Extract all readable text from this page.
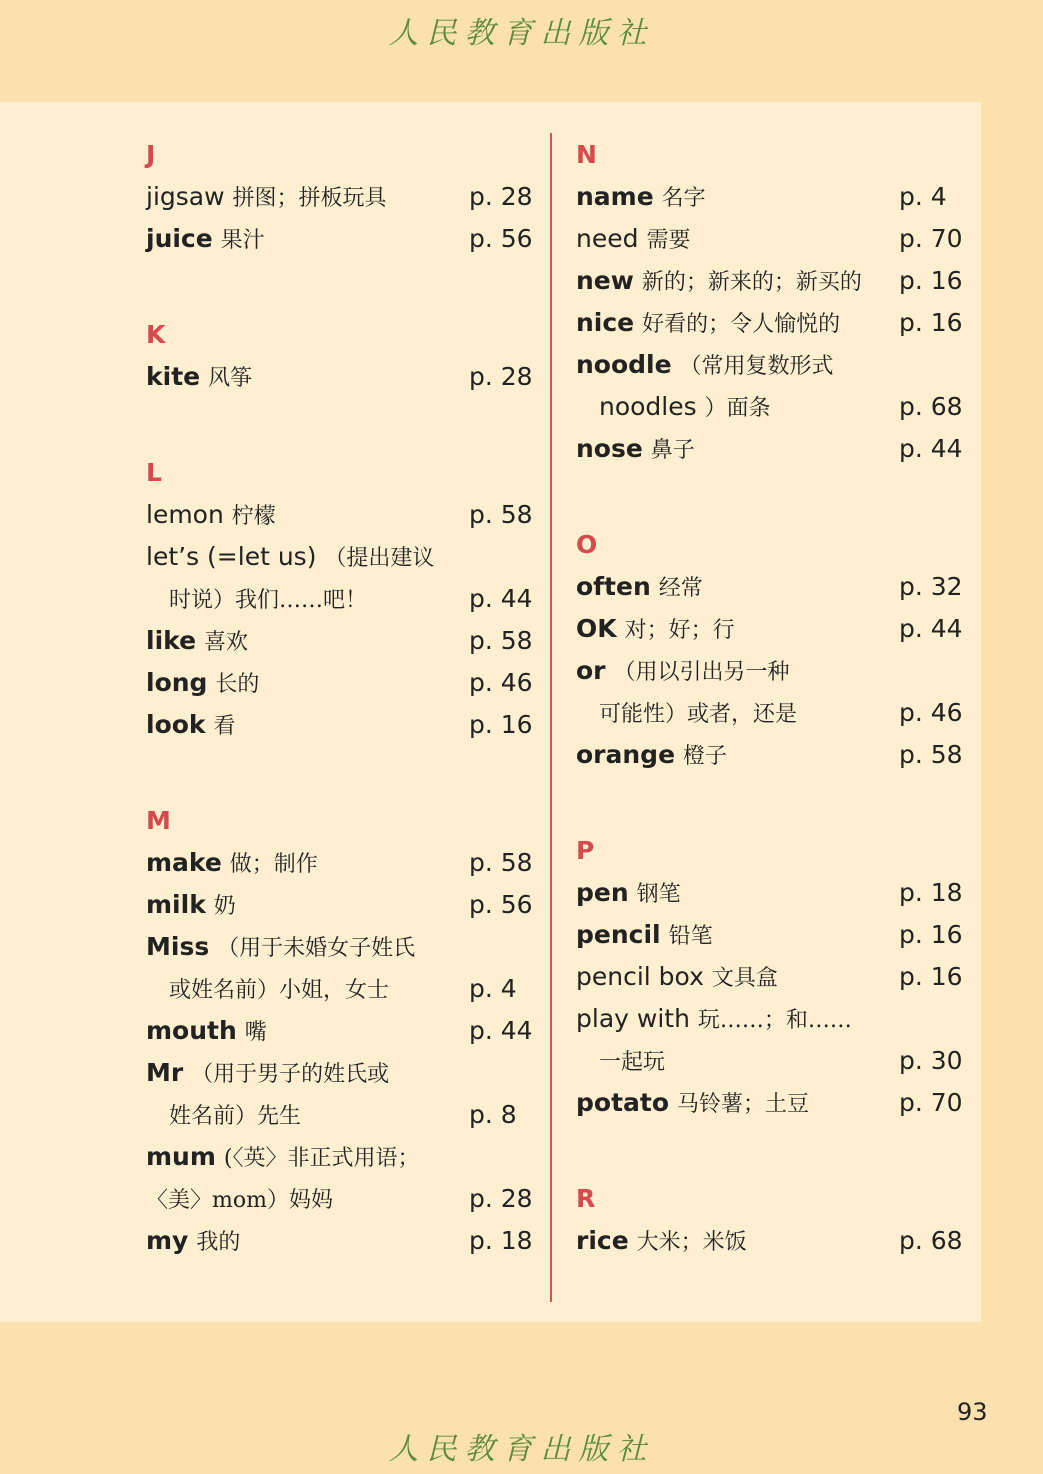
人民教育出版社
J
jigsaw 拼图；拼板玩具	p. 28
juice 果汁	p. 56
K
kite 风筝	p. 28
L
lemon 柠檬	p. 58
let’s (=let us) （提出建议
时说）我们……吧！	p. 44
like 喜欢	p. 58
long 长的	p. 46
look 看	p. 16
M
make 做；制作	p. 58
milk 奶	p. 56
Miss （用于未婚女子姓氏
或姓名前）小姐，女士	p. 4
mouth 嘴	p. 44
Mr （用于男子的姓氏或
姓名前）先生	p. 8
mum (〈英〉非正式用语；
〈美〉mom）妈妈	p. 28
my 我的	p. 18
N
name 名字	p. 4
need 需要	p. 70
new 新的；新来的；新买的 p. 16
nice 好看的；令人愉悦的 p. 16
noodle （常用复数形式
noodles ）面条	p. 68
nose 鼻子	p. 44
O
often 经常	p. 32
OK 对；好；行	p. 44
or （用以引出另一种
可能性）或者，还是	p. 46
orange 橙子	p. 58
P
pen 钢笔	p. 18
pencil 铅笔	p. 16
pencil box 文具盒	p. 16
play with 玩……；和……
一起玩	p. 30
potato 马铃薯；土豆	p. 70
R
rice 大米；米饭	p. 68
93
人民教育出版社
